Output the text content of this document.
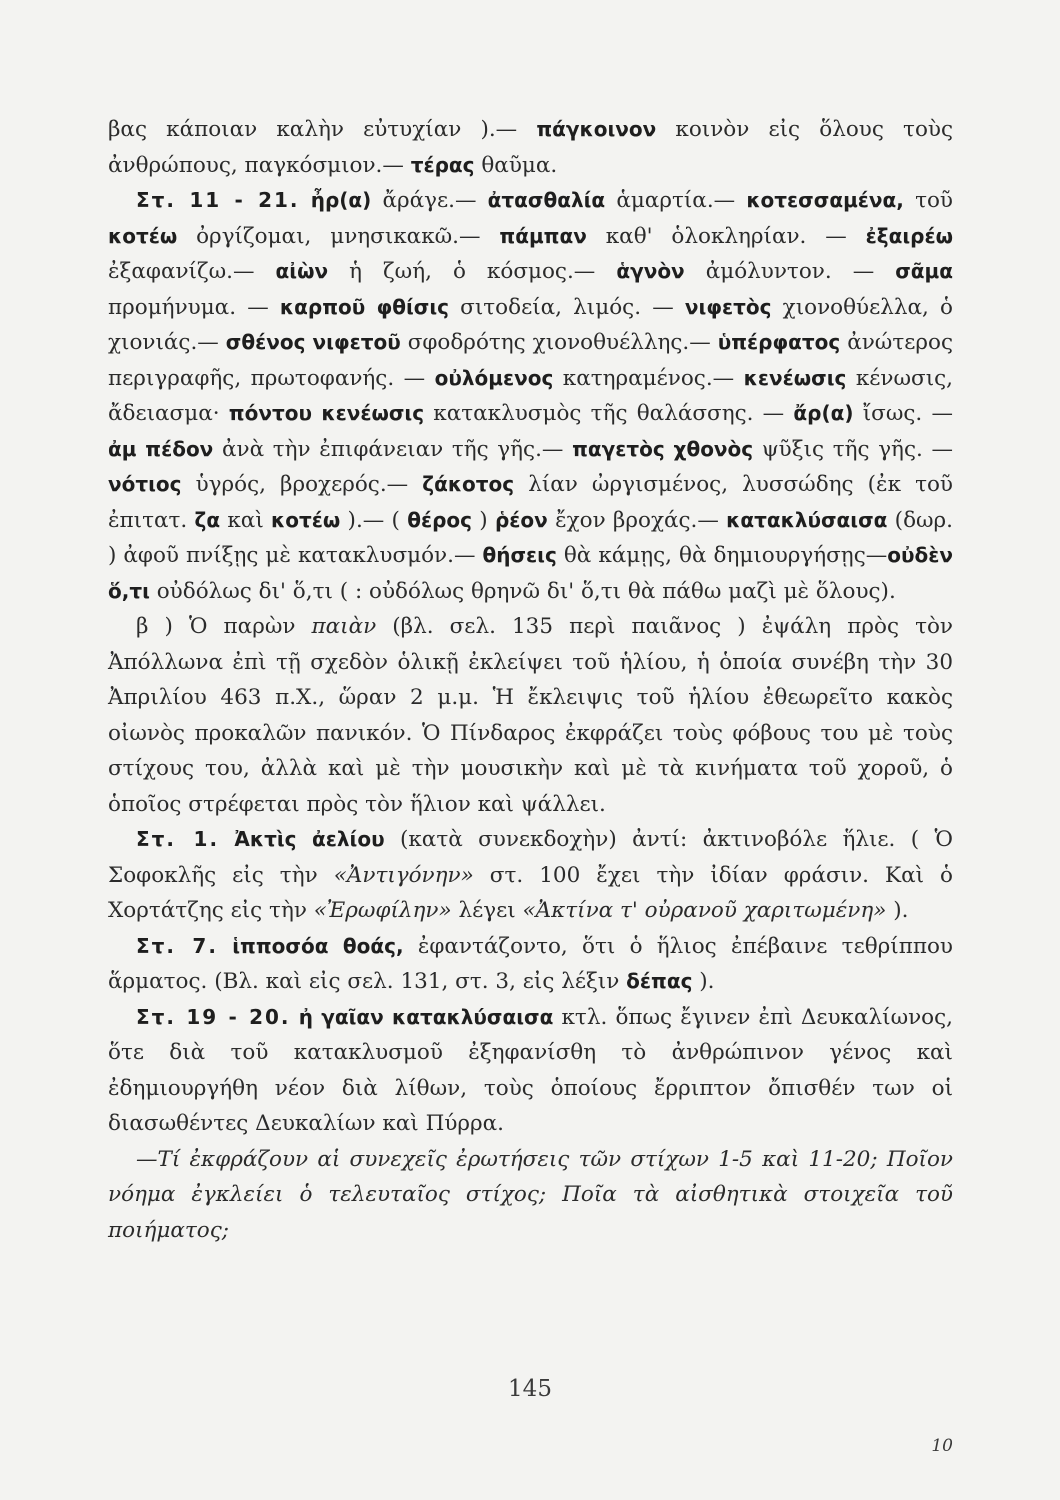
βας κάποιαν καλὴν εὐτυχίαν ).— πάγκοινον κοινὸν εἰς ὅλους τοὺς ἀνθρώπους, παγκόσμιον.— τέρας θαῦμα.

Στ. 11 - 21. ἦρ(α) ἄράγε.— ἀτασθαλία ἁμαρτία.— κοτεσσαμένα, τοῦ κοτέω ὀργίζομαι, μνησικακῶ.— πάμπαν καθ' ὁλοκληρίαν. — ἐξαιρέω ἐξαφανίζω.— αἰὼν ἡ ζωή, ὁ κόσμος.— ἁγνὸν ἀμόλυντον. — σᾶμα προμήνυμα. — καρποῦ φθίσις σιτοδεία, λιμός. — νιφετὸς χιονοθύελλα, ὁ χιονιάς.— σθένος νιφετοῦ σφοδρότης χιονοθυέλλης.— ὑπέρφατος ἀνώτερος περιγραφῆς, πρωτοφανής. — οὐλόμενος κατηραμένος.— κενέωσις κένωσις, ἄδειασμα· πόντου κενέωσις κατακλυσμὸς τῆς θαλάσσης. — ἄρ(α) ἴσως. — ἀμ πέδον ἀνὰ τὴν ἐπιφάνειαν τῆς γῆς.— παγετὸς χθονὸς ψῦξις τῆς γῆς. — νότιος ὑγρός, βροχερός.— ζάκοτος λίαν ὠργισμένος, λυσσώδης (ἐκ τοῦ ἐπιτατ. ζα καὶ κοτέω ).— ( θέρος ) ῥέον ἔχον βροχάς.— κατακλύσαισα (δωρ. ) ἀφοῦ πνίξῃς μὲ κατακλυσμόν.— θήσεις θὰ κάμῃς, θὰ δημιουργήσῃς—οὐδὲν ὅ,τι οὐδόλως δι' ὅ,τι ( : οὐδόλως θρηνῶ δι' ὅ,τι θὰ πάθω μαζὶ μὲ ὅλους).

β ) Ὁ παρὼν παιὰν (βλ. σελ. 135 περὶ παιᾶνος ) ἐψάλη πρὸς τὸν Ἀπόλλωνα ἐπὶ τῇ σχεδὸν ὁλικῇ ἐκλείψει τοῦ ἡλίου, ἡ ὁποία συνέβη τὴν 30 Ἀπριλίου 463 π.Χ., ὥραν 2 μ.μ. Ἡ ἔκλειψις τοῦ ἡλίου ἐθεωρεῖτο κακὸς οἰωνὸς προκαλῶν πανικόν. Ὁ Πίνδαρος ἐκφράζει τοὺς φόβους του μὲ τοὺς στίχους του, ἀλλὰ καὶ μὲ τὴν μουσικὴν καὶ μὲ τὰ κινήματα τοῦ χοροῦ, ὁ ὁποῖος στρέφεται πρὸς τὸν ἥλιον καὶ ψάλλει.

Στ. 1. Ἀκτὶς ἀελίου (κατὰ συνεκδοχὴν) ἀντί: ἀκτινοβόλε ἥλιε. ( Ὁ Σοφοκλῆς εἰς τὴν «Ἀντιγόνην» στ. 100 ἔχει τὴν ἰδίαν φράσιν. Καὶ ὁ Χορτάτζης εἰς τὴν «Ἐρωφίλην» λέγει «Ἀκτίνα τ' οὐρανοῦ χαριτωμένη» ).

Στ. 7. ἱπποσόα θοάς, ἐφαντάζοντο, ὅτι ὁ ἥλιος ἐπέβαινε τεθρίππου ἅρματος. (Βλ. καὶ εἰς σελ. 131, στ. 3, εἰς λέξιν δέπας ).

Στ. 19 - 20. ἠ γαῖαν κατακλύσαισα κτλ. ὅπως ἔγινεν ἐπὶ Δευκαλίωνος, ὅτε διὰ τοῦ κατακλυσμοῦ ἐξηφανίσθη τὸ ἀνθρώπινον γένος καὶ ἐδημιουργήθη νέον διὰ λίθων, τοὺς ὁποίους ἔρριπτον ὄπισθέν των οἱ διασωθέντες Δευκαλίων καὶ Πύρρα.

—Τί ἐκφράζουν αἱ συνεχεῖς ἐρωτήσεις τῶν στίχων 1-5 καὶ 11-20; Ποῖον νόημα ἐγκλείει ὁ τελευταῖος στίχος; Ποῖα τὰ αἰσθητικὰ στοιχεῖα τοῦ ποιήματος;

145
10
